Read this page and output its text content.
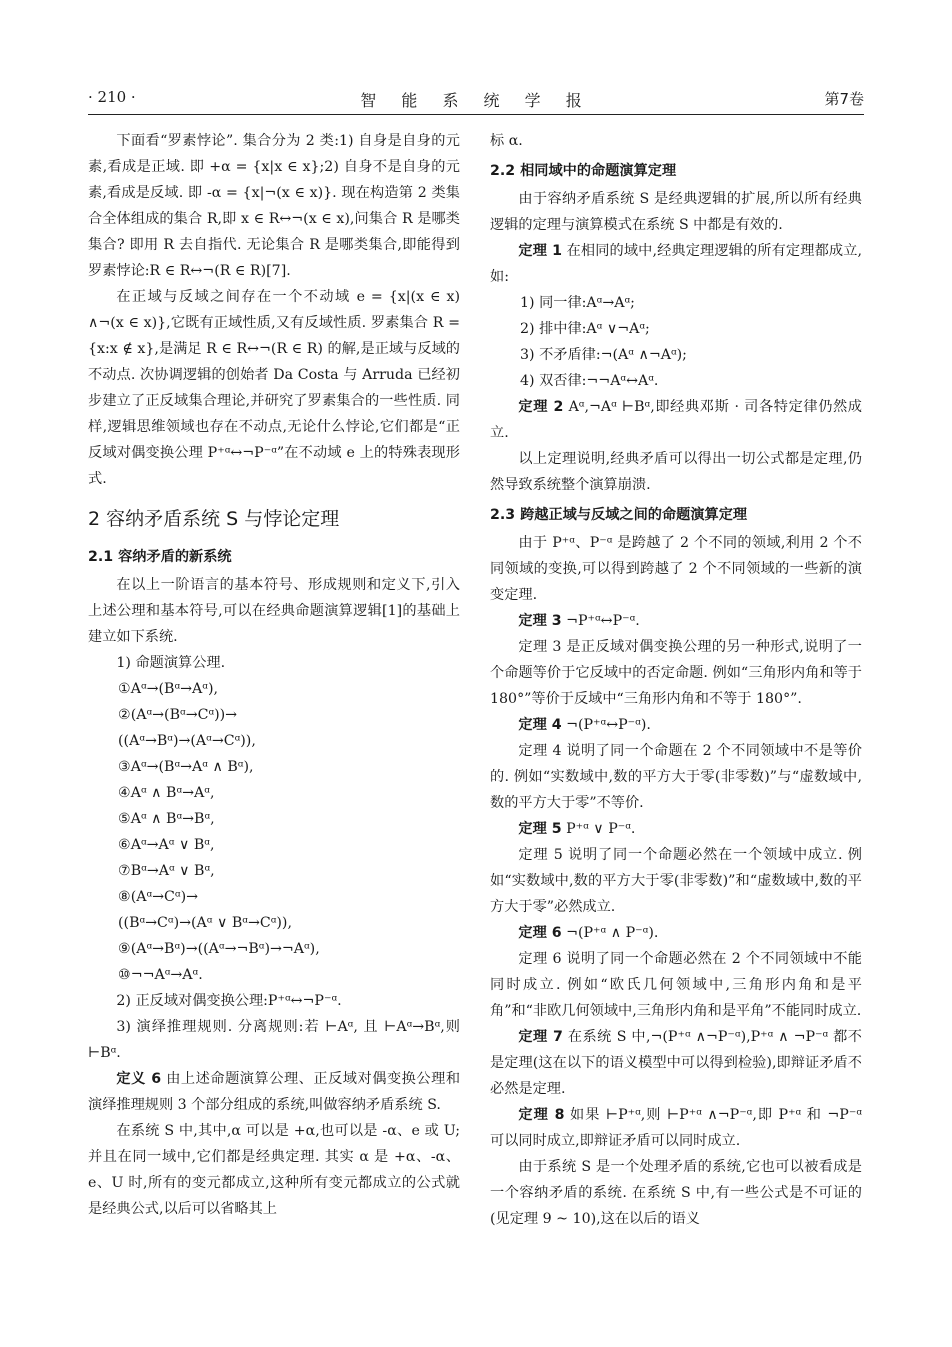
· 210 ·	智 能 系 统 学 报	第7卷
下面看“罗素悖论”. 集合分为 2 类:1) 自身是自身的元素,看成是正域. 即 +α = {x|x ∈ x};2) 自身不是自身的元素,看成是反域. 即 -α = {x|¬(x ∈ x)}. 现在构造第 2 类集合全体组成的集合 R,即 x ∈ R↔¬(x ∈ x),问集合 R 是哪类集合? 即用 R 去自指代. 无论集合 R 是哪类集合,即能得到罗素悖论:R ∈ R↔¬(R ∈ R)[7].
在正域与反域之间存在一个不动域 e = {x|(x ∈ x) ∧¬(x ∈ x)},它既有正域性质,又有反域性质. 罗素集合 R = {x:x ∉ x},是满足 R ∈ R↔¬(R ∈ R) 的解,是正域与反域的不动点. 次协调逻辑的创始者 Da Costa 与 Arruda 已经初步建立了正反域集合理论,并研究了罗素集合的一些性质. 同样,逻辑思维领域也存在不动点,无论什么悖论,它们都是“正反域对偶变换公理 P⁺ᵅ↔¬P⁻ᵅ”在不动域 e 上的特殊表现形式.
2 容纳矛盾系统 S 与悖论定理
2.1 容纳矛盾的新系统
在以上一阶语言的基本符号、形成规则和定义下,引入上述公理和基本符号,可以在经典命题演算逻辑[1]的基础上建立如下系统.
1) 命题演算公理.
①Aᵅ→(Bᵅ→Aᵅ),
②(Aᵅ→(Bᵅ→Cᵅ))→
((Aᵅ→Bᵅ)→(Aᵅ→Cᵅ)),
③Aᵅ→(Bᵅ→Aᵅ ∧ Bᵅ),
④Aᵅ ∧ Bᵅ→Aᵅ,
⑤Aᵅ ∧ Bᵅ→Bᵅ,
⑥Aᵅ→Aᵅ ∨ Bᵅ,
⑦Bᵅ→Aᵅ ∨ Bᵅ,
⑧(Aᵅ→Cᵅ)→
((Bᵅ→Cᵅ)→(Aᵅ ∨ Bᵅ→Cᵅ)),
⑨(Aᵅ→Bᵅ)→((Aᵅ→¬Bᵅ)→¬Aᵅ),
⑩¬¬Aᵅ→Aᵅ.
2) 正反域对偶变换公理:P⁺ᵅ↔¬P⁻ᵅ.
3) 演绎推理规则. 分离规则:若 ⊢Aᵅ, 且 ⊢Aᵅ→Bᵅ,则 ⊢Bᵅ.
定义 6 由上述命题演算公理、正反域对偶变换公理和演绎推理规则 3 个部分组成的系统,叫做容纳矛盾系统 S.
在系统 S 中,其中,α 可以是 +α,也可以是 -α、e 或 U;并且在同一域中,它们都是经典定理. 其实 α 是 +α、-α、e、U 时,所有的变元都成立,这种所有变元都成立的公式就是经典公式,以后可以省略其上
标 α.
2.2 相同域中的命题演算定理
由于容纳矛盾系统 S 是经典逻辑的扩展,所以所有经典逻辑的定理与演算模式在系统 S 中都是有效的.
定理 1 在相同的域中,经典定理逻辑的所有定理都成立,如:
1) 同一律:Aᵅ→Aᵅ;
2) 排中律:Aᵅ ∨¬Aᵅ;
3) 不矛盾律:¬(Aᵅ ∧¬Aᵅ);
4) 双否律:¬¬Aᵅ↔Aᵅ.
定理 2 Aᵅ,¬Aᵅ ⊢Bᵅ,即经典邓斯 · 司各特定律仍然成立.
以上定理说明,经典矛盾可以得出一切公式都是定理,仍然导致系统整个演算崩溃.
2.3 跨越正域与反域之间的命题演算定理
由于 P⁺ᵅ、P⁻ᵅ 是跨越了 2 个不同的领域,利用 2 个不同领域的变换,可以得到跨越了 2 个不同领域的一些新的演变定理.
定理 3 ¬P⁺ᵅ↔P⁻ᵅ.
定理 3 是正反域对偶变换公理的另一种形式,说明了一个命题等价于它反域中的否定命题. 例如“三角形内角和等于 180°”等价于反域中“三角形内角和不等于 180°”.
定理 4 ¬(P⁺ᵅ↔P⁻ᵅ).
定理 4 说明了同一个命题在 2 个不同领域中不是等价的. 例如“实数域中,数的平方大于零(非零数)”与“虚数域中,数的平方大于零”不等价.
定理 5 P⁺ᵅ ∨ P⁻ᵅ.
定理 5 说明了同一个命题必然在一个领域中成立. 例如“实数域中,数的平方大于零(非零数)”和“虚数域中,数的平方大于零”必然成立.
定理 6 ¬(P⁺ᵅ ∧ P⁻ᵅ).
定理 6 说明了同一个命题必然在 2 个不同领域中不能同时成立. 例如“欧氏几何领域中,三角形内角和是平角”和“非欧几何领域中,三角形内角和是平角”不能同时成立.
定理 7 在系统 S 中,¬(P⁺ᵅ ∧¬P⁻ᵅ),P⁺ᵅ ∧ ¬P⁻ᵅ 都不是定理(这在以下的语义模型中可以得到检验),即辩证矛盾不必然是定理.
定理 8 如果 ⊢P⁺ᵅ,则 ⊢P⁺ᵅ ∧¬P⁻ᵅ,即 P⁺ᵅ 和 ¬P⁻ᵅ 可以同时成立,即辩证矛盾可以同时成立.
由于系统 S 是一个处理矛盾的系统,它也可以被看成是一个容纳矛盾的系统. 在系统 S 中,有一些公式是不可证的(见定理 9 ~ 10),这在以后的语义
